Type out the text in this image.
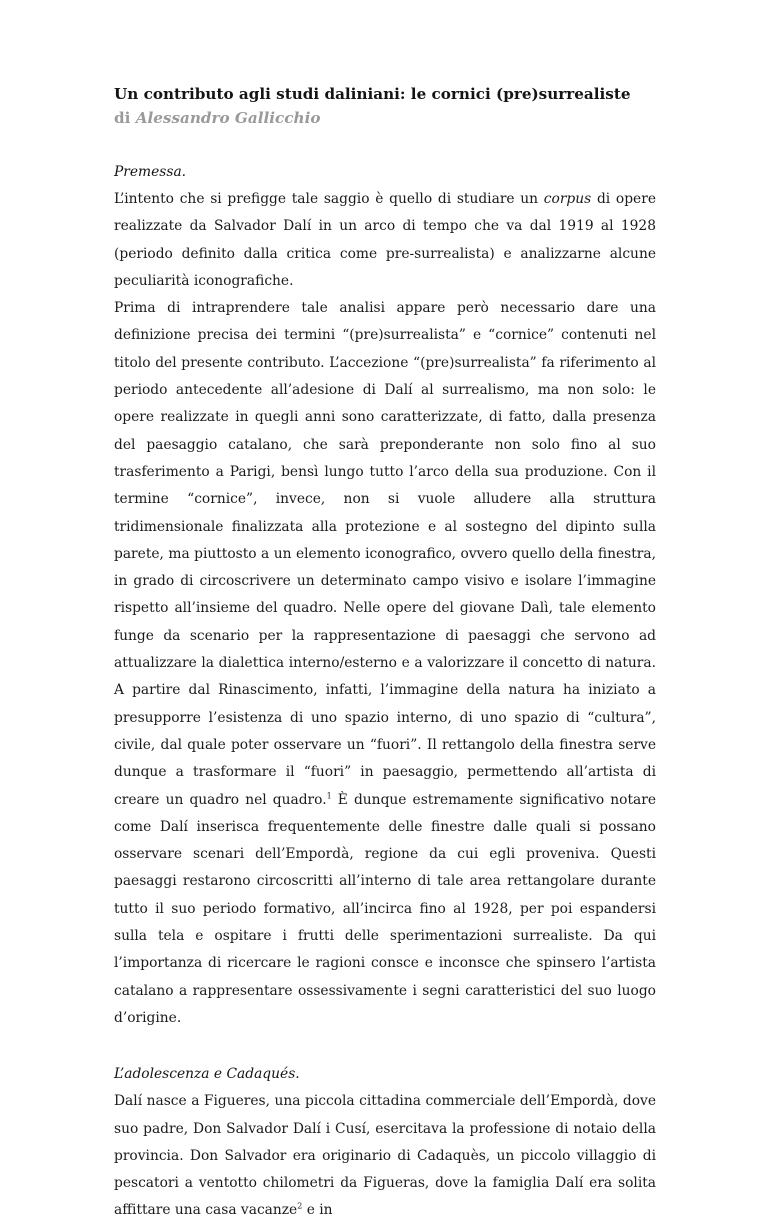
Un contributo agli studi daliniani: le cornici (pre)surrealiste

di Alessandro Gallicchio

Premessa.

L’intento che si prefigge tale saggio è quello di studiare un corpus di opere realizzate da Salvador Dalí in un arco di tempo che va dal 1919 al 1928 (periodo definito dalla critica come pre-surrealista) e analizzarne alcune peculiarità iconografiche.

Prima di intraprendere tale analisi appare però necessario dare una definizione precisa dei termini “(pre)surrealista” e “cornice” contenuti nel titolo del presente contributo. L’accezione “(pre)surrealista” fa riferimento al periodo antecedente all’adesione di Dalí al surrealismo, ma non solo: le opere realizzate in quegli anni sono caratterizzate, di fatto, dalla presenza del paesaggio catalano, che sarà preponderante non solo fino al suo trasferimento a Parigi, bensì lungo tutto l’arco della sua produzione. Con il termine “cornice”, invece, non si vuole alludere alla struttura tridimensionale finalizzata alla protezione e al sostegno del dipinto sulla parete, ma piuttosto a un elemento iconografico, ovvero quello della finestra, in grado di circoscrivere un determinato campo visivo e isolare l’immagine rispetto all’insieme del quadro. Nelle opere del giovane Dalì, tale elemento funge da scenario per la rappresentazione di paesaggi che servono ad attualizzare la dialettica interno/esterno e a valorizzare il concetto di natura. A partire dal Rinascimento, infatti, l’immagine della natura ha iniziato a presupporre l’esistenza di uno spazio interno, di uno spazio di “cultura”, civile, dal quale poter osservare un “fuori”. Il rettangolo della finestra serve dunque a trasformare il “fuori” in paesaggio, permettendo all’artista di creare un quadro nel quadro.$^1$ È dunque estremamente significativo notare come Dalí inserisca frequentemente delle finestre dalle quali si possano osservare scenari dell’Empordà, regione da cui egli proveniva. Questi paesaggi restarono circoscritti all’interno di tale area rettangolare durante tutto il suo periodo formativo, all’incirca fino al 1928, per poi espandersi sulla tela e ospitare i frutti delle sperimentazioni surrealiste. Da qui l’importanza di ricercare le ragioni consce e inconsce che spinsero l’artista catalano a rappresentare ossessivamente i segni caratteristici del suo luogo d’origine.

L’adolescenza e Cadaqués.

Dalí nasce a Figueres, una piccola cittadina commerciale dell’Empordà, dove suo padre, Don Salvador Dalí i Cusí, esercitava la professione di notaio della provincia. Don Salvador era originario di Cadaquès, un piccolo villaggio di pescatori a ventotto chilometri da Figueras, dove la famiglia Dalí era solita affittare una casa vacanze$^2$ e in
